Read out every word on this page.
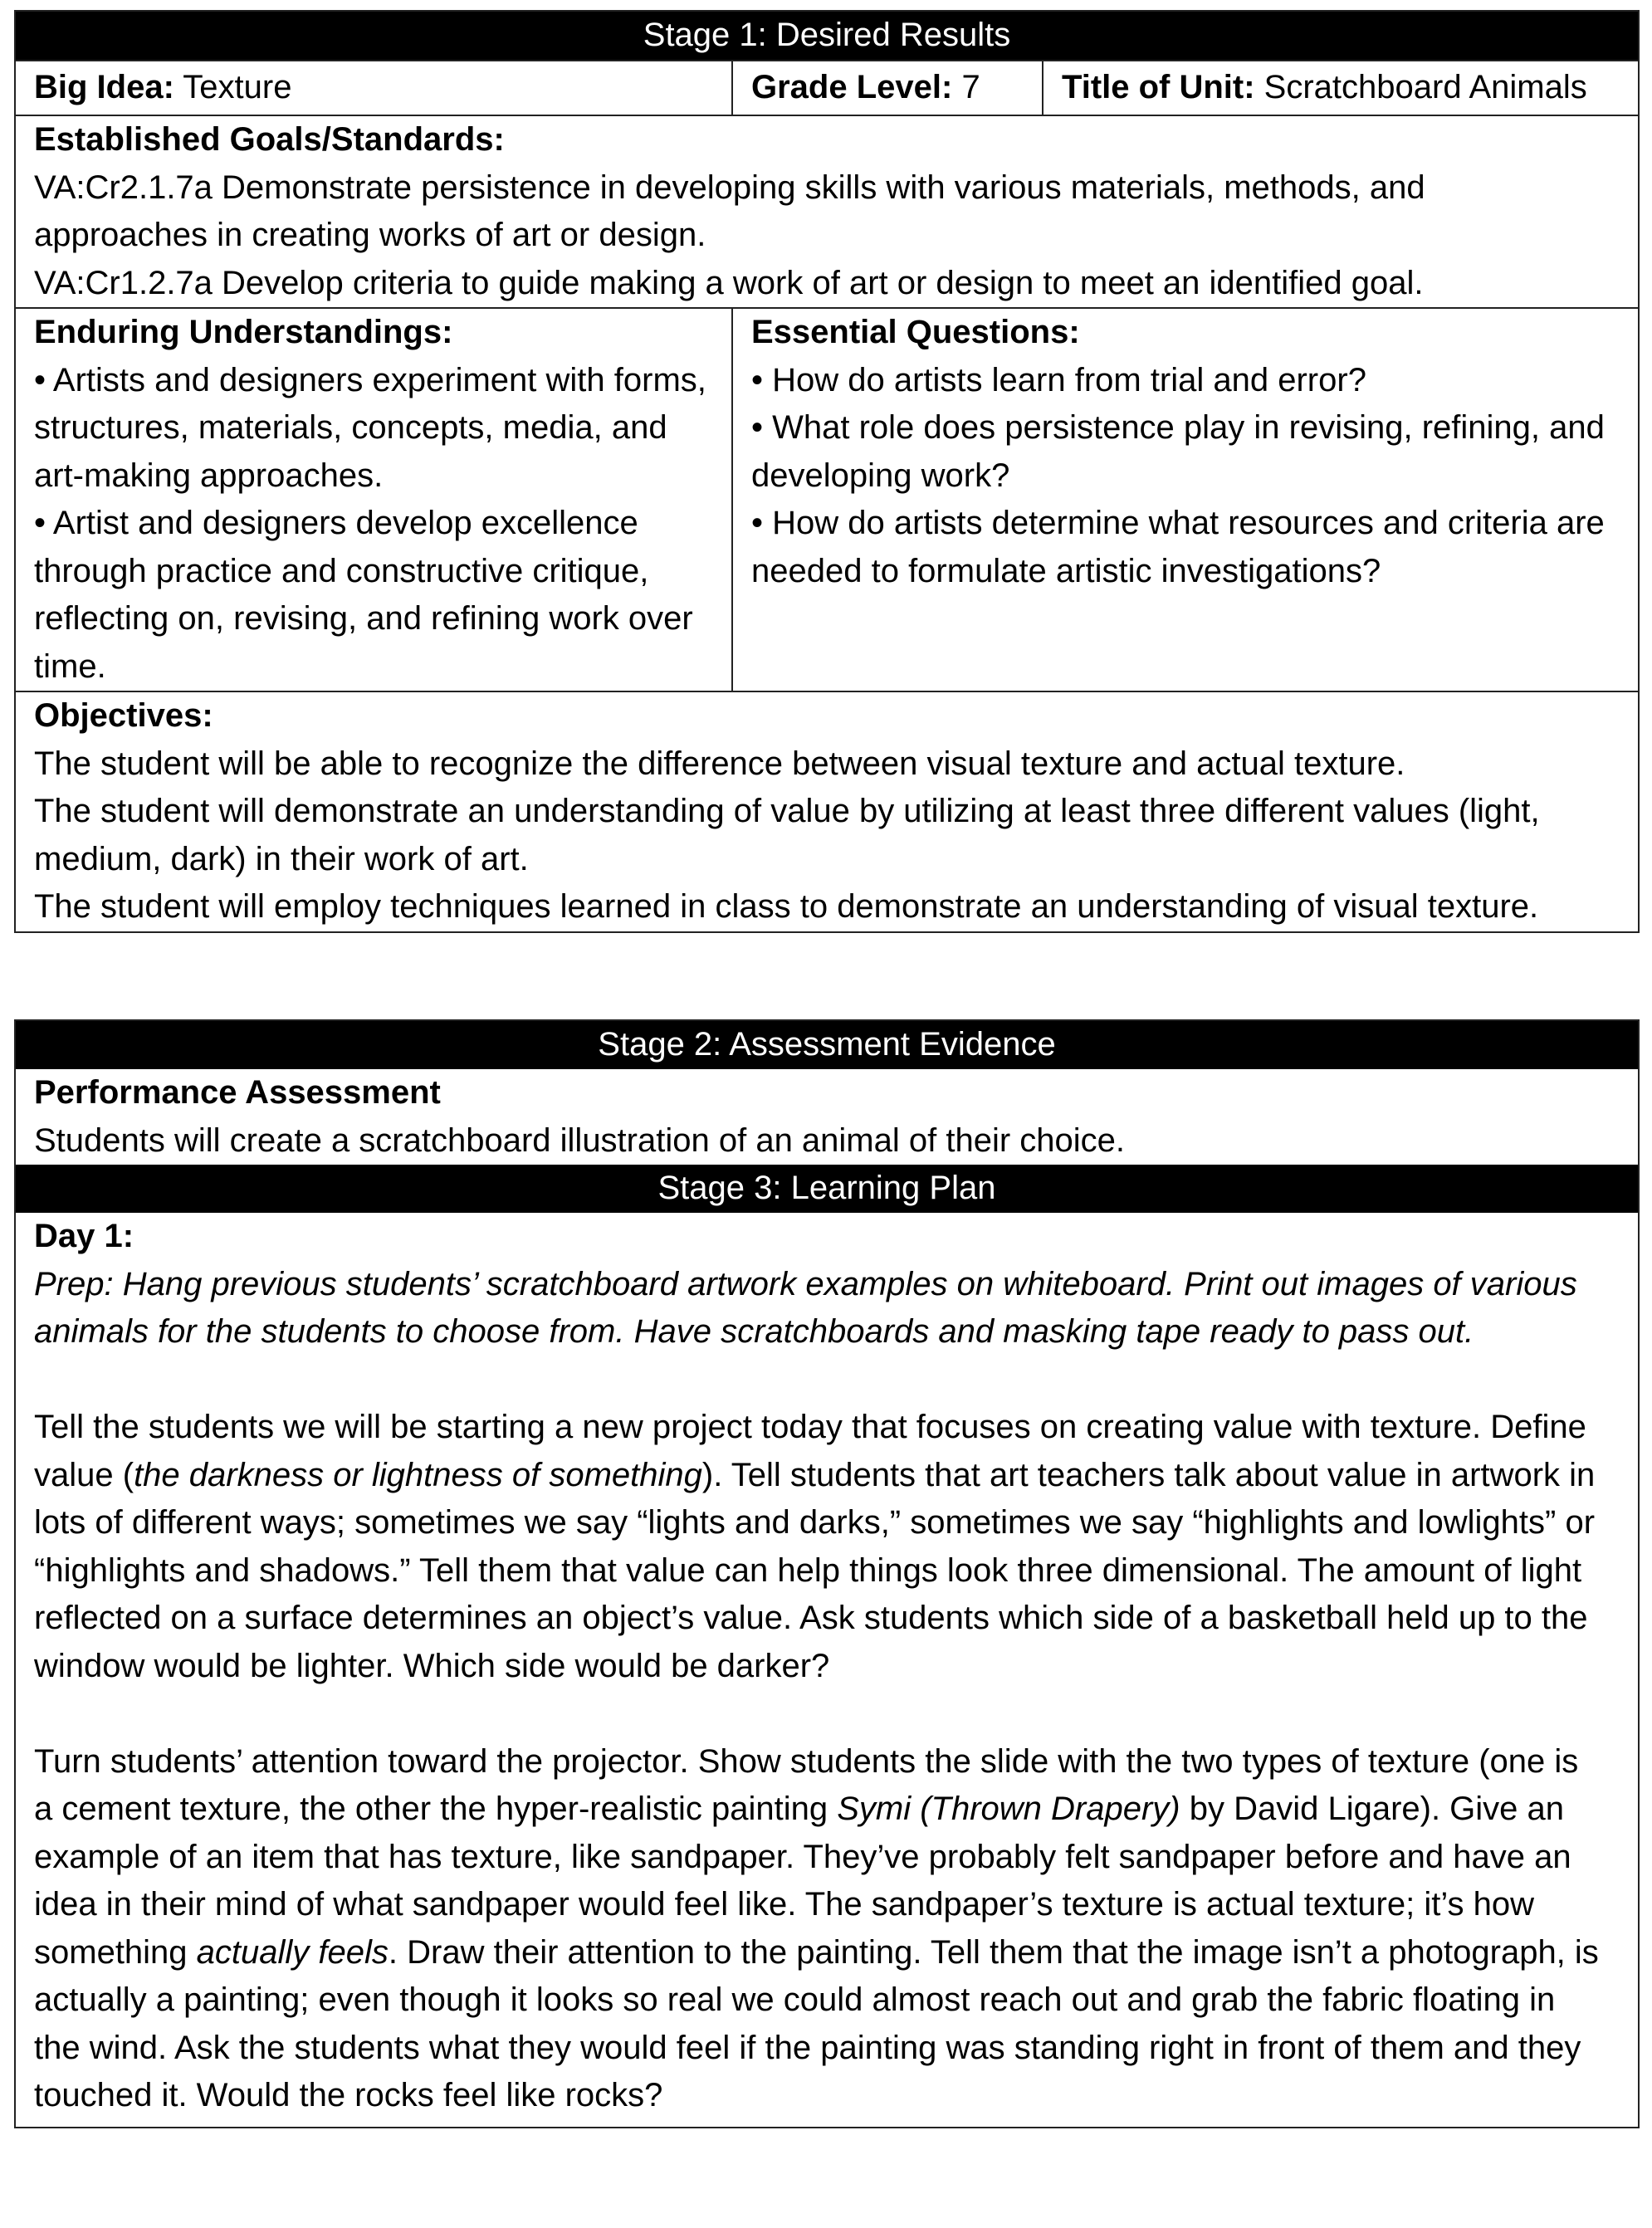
Stage 1: Desired Results
Big Idea: Texture	Grade Level: 7	Title of Unit: Scratchboard Animals
Established Goals/Standards:
VA:Cr2.1.7a Demonstrate persistence in developing skills with various materials, methods, and approaches in creating works of art or design.
VA:Cr1.2.7a Develop criteria to guide making a work of art or design to meet an identified goal.
Enduring Understandings:
• Artists and designers experiment with forms, structures, materials, concepts, media, and art-making approaches.
• Artist and designers develop excellence through practice and constructive critique, reflecting on, revising, and refining work over time.
Essential Questions:
• How do artists learn from trial and error?
• What role does persistence play in revising, refining, and developing work?
• How do artists determine what resources and criteria are needed to formulate artistic investigations?
Objectives:
The student will be able to recognize the difference between visual texture and actual texture.
The student will demonstrate an understanding of value by utilizing at least three different values (light, medium, dark) in their work of art.
The student will employ techniques learned in class to demonstrate an understanding of visual texture.
Stage 2: Assessment Evidence
Performance Assessment
Students will create a scratchboard illustration of an animal of their choice.
Stage 3: Learning Plan
Day 1:
Prep: Hang previous students’ scratchboard artwork examples on whiteboard. Print out images of various animals for the students to choose from. Have scratchboards and masking tape ready to pass out.
Tell the students we will be starting a new project today that focuses on creating value with texture. Define value (the darkness or lightness of something). Tell students that art teachers talk about value in artwork in lots of different ways; sometimes we say “lights and darks,” sometimes we say “highlights and lowlights” or “highlights and shadows.” Tell them that value can help things look three dimensional. The amount of light reflected on a surface determines an object’s value. Ask students which side of a basketball held up to the window would be lighter. Which side would be darker?
Turn students’ attention toward the projector. Show students the slide with the two types of texture (one is a cement texture, the other the hyper-realistic painting Symi (Thrown Drapery) by David Ligare). Give an example of an item that has texture, like sandpaper. They’ve probably felt sandpaper before and have an idea in their mind of what sandpaper would feel like. The sandpaper’s texture is actual texture; it’s how something actually feels. Draw their attention to the painting. Tell them that the image isn’t a photograph, is actually a painting; even though it looks so real we could almost reach out and grab the fabric floating in the wind. Ask the students what they would feel if the painting was standing right in front of them and they touched it. Would the rocks feel like rocks?
